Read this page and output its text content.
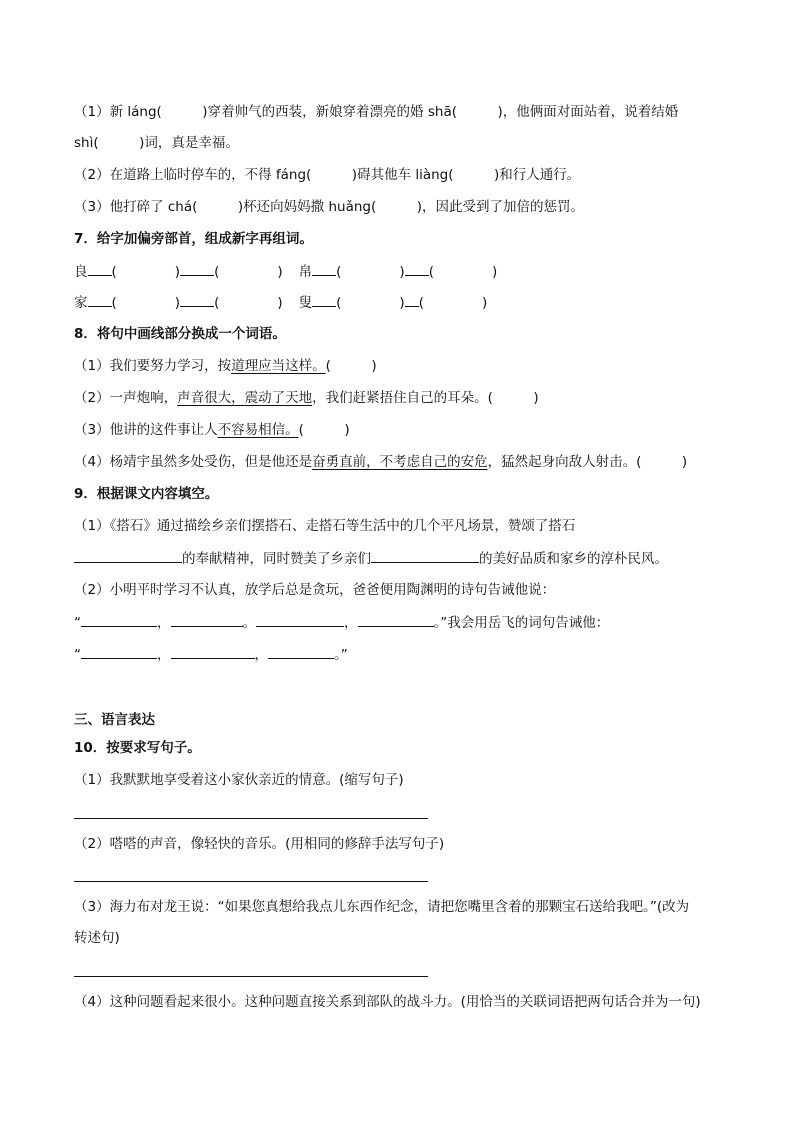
（1）新 láng(　　　)穿着帅气的西装，新娘穿着漂亮的婚 shā(　　　)，他俩面对面站着，说着结婚
shì(　　　)词，真是幸福。
（2）在道路上临时停车的，不得 fáng(　　　)碍其他车 liàng(　　　)和行人通行。
（3）他打碎了 chá(　　　)杯还向妈妈撒 huǎng(　　　)，因此受到了加倍的惩罚。
7．给字加偏旁部首，组成新字再组词。
良 (	)	(	) 帛 (	) (	)
家 (	)	(	) 叟 (	) (	)
8．将句中画线部分换成一个词语。
（1）我们要努力学习，按道理应当这样。(　　　)
（2）一声炮响，声音很大，震动了天地，我们赶紧捂住自己的耳朵。(　　　)
（3）他讲的这件事让人不容易相信。(　　　)
（4）杨靖宇虽然多处受伤，但是他还是奋勇直前，不考虑自己的安危，猛然起身向敌人射击。(　　　)
9．根据课文内容填空。
（1）《搭石》通过描绘乡亲们摆搭石、走搭石等生活中的几个平凡场景，赞颂了搭石
的奉献精神，同时赞美了乡亲们	的美好品质和家乡的淳朴民风。
（2）小明平时学习不认真，放学后总是贪玩，爸爸便用陶渊明的诗句告诫他说：
“	，	。	，	。”我会用岳飞的词句告诫他：
“	，	，	。”
三、语言表达
10．按要求写句子。
（1）我默默地享受着这小家伙亲近的情意。(缩写句子)
（2）嗒嗒的声音，像轻快的音乐。(用相同的修辞手法写句子)
（3）海力布对龙王说：“如果您真想给我点儿东西作纪念，请把您嘴里含着的那颗宝石送给我吧。”(改为
转述句)
（4）这种问题看起来很小。这种问题直接关系到部队的战斗力。(用恰当的关联词语把两句话合并为一句)
